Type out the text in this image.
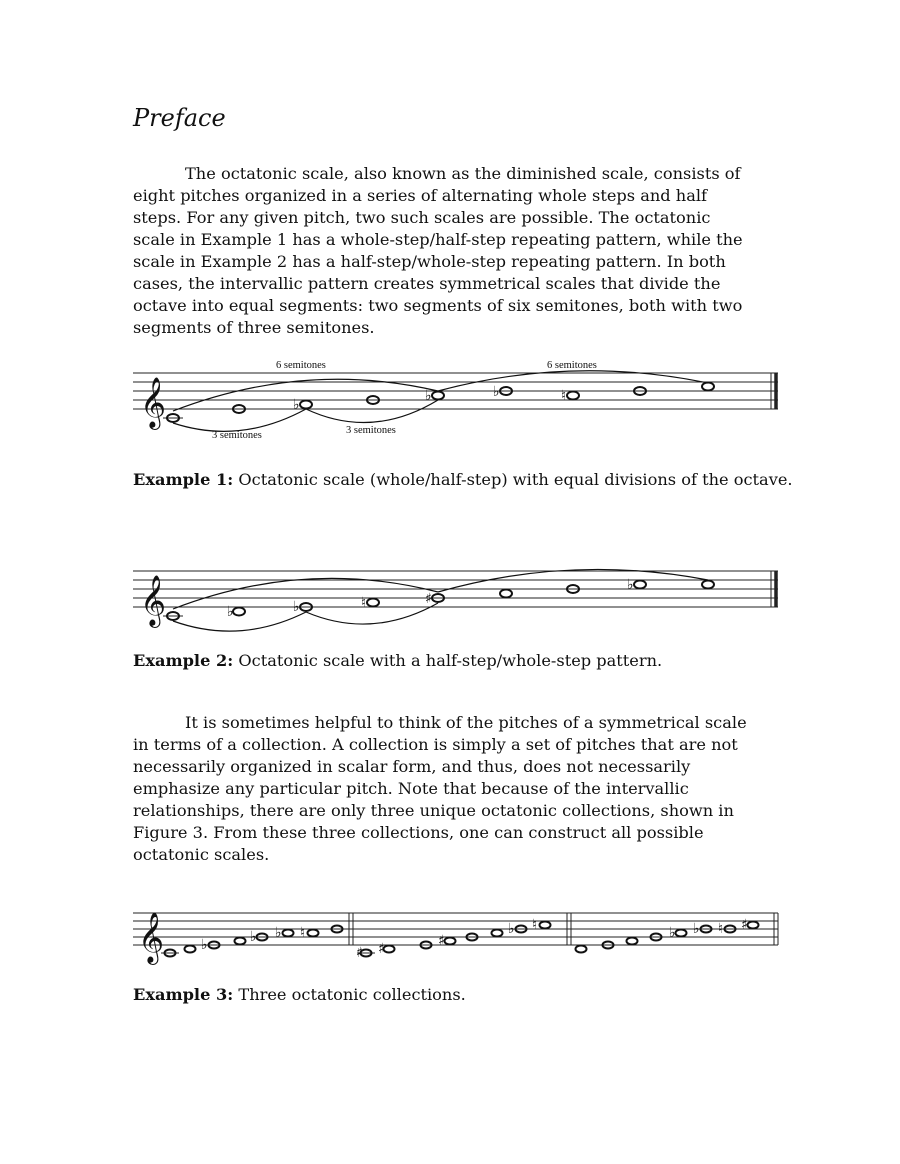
Preface

The octatonic scale, also known as the diminished scale, consists of eight pitches organized in a series of alternating whole steps and half steps. For any given pitch, two such scales are possible. The octatonic scale in Example 1 has a whole-step/half-step repeating pattern, while the scale in Example 2 has a half-step/whole-step repeating pattern. In both cases, the intervallic pattern creates symmetrical scales that divide the octave into equal segments: two segments of six semitones, both with two segments of three semitones.

𝄞	♭
♭	♭	♮
6 semitones	6 semitones
3 semitones	3 semitones

Example 1: Octatonic scale (whole/half-step) with equal divisions of the octave.

𝄞	♭	♭	♮	♯
♭

Example 2: Octatonic scale with a half-step/whole-step pattern.

It is sometimes helpful to think of the pitches of a symmetrical scale in terms of a collection. A collection is simply a set of pitches that are not necessarily organized in scalar form, and thus, does not necessarily emphasize any particular pitch. Note that because of the intervallic relationships, there are only three unique octatonic collections, shown in Figure 3. From these three collections, one can construct all possible octatonic scales.

𝄞	♭	♭ ♭ ♮
♯ ♯	♯
♭ ♮	♭ ♭ ♮ ♯

Example 3: Three octatonic collections.
